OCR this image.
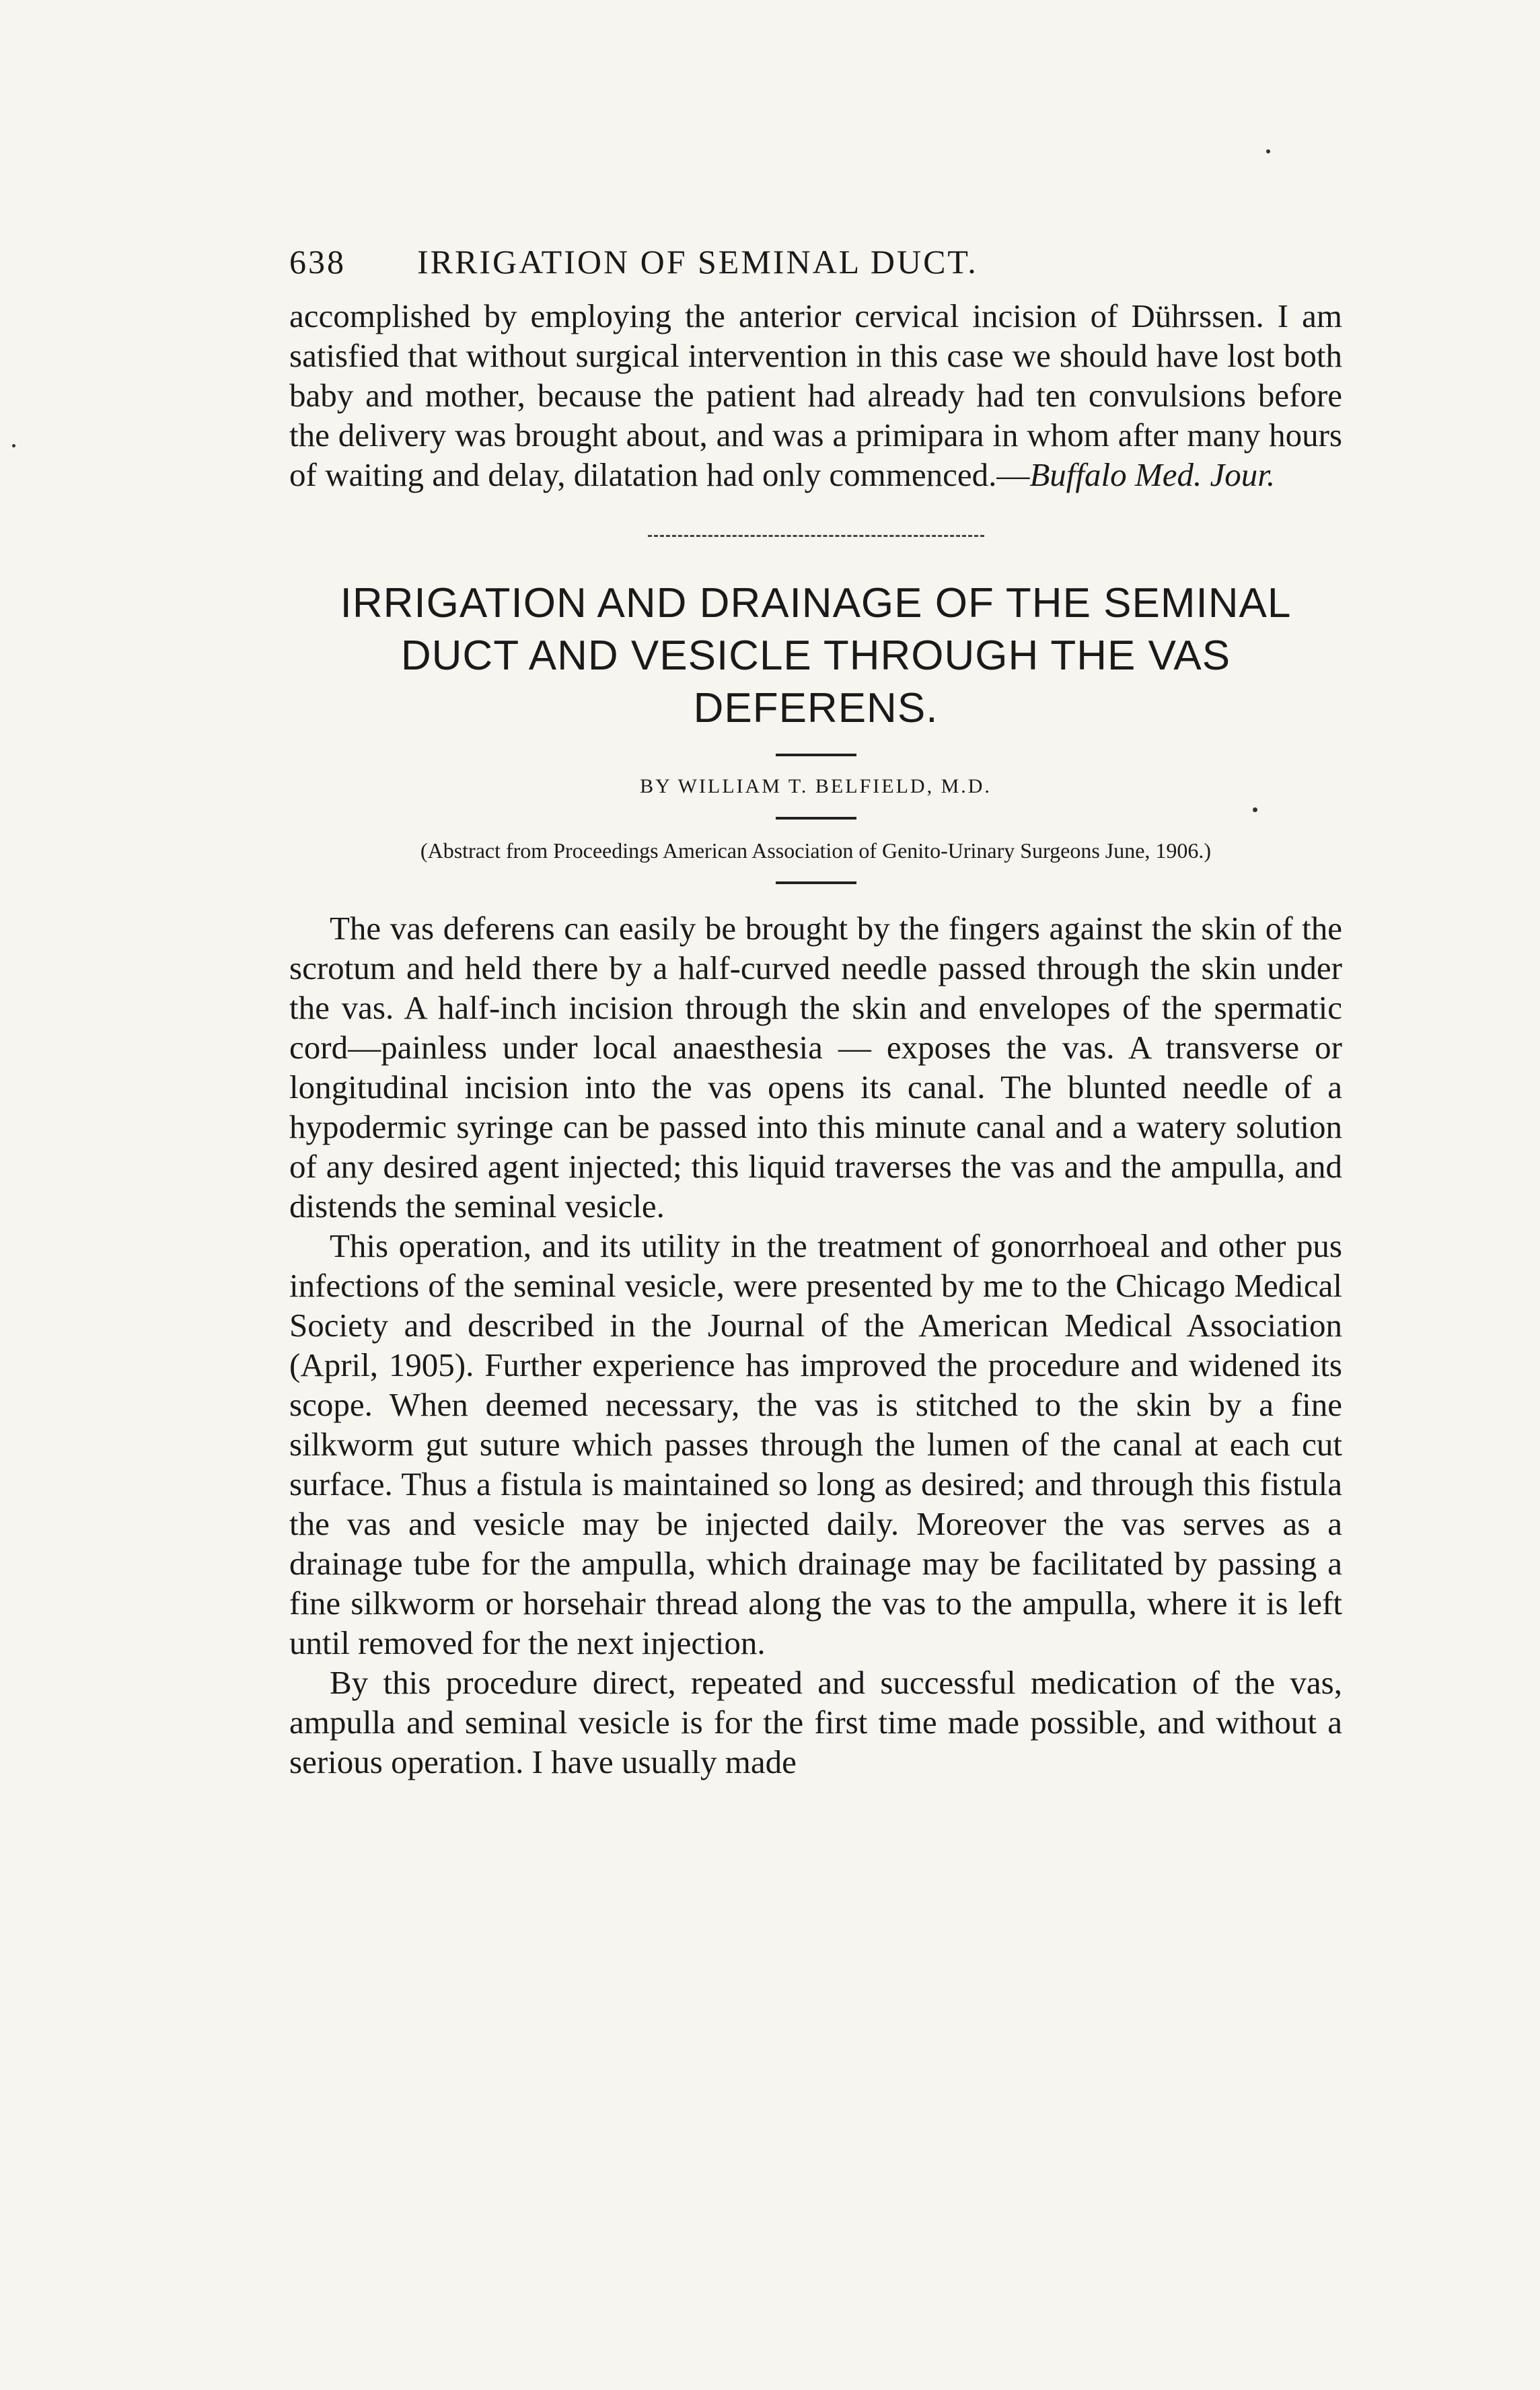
638 IRRIGATION OF SEMINAL DUCT.

accomplished by employing the anterior cervical incision of Dührssen. I am satisfied that without surgical intervention in this case we should have lost both baby and mother, because the patient had already had ten convulsions before the delivery was brought about, and was a primipara in whom after many hours of waiting and delay, dilatation had only commenced.—Buffalo Med. Jour.

IRRIGATION AND DRAINAGE OF THE SEMINAL DUCT AND VESICLE THROUGH THE VAS DEFERENS.
BY WILLIAM T. BELFIELD, M.D.
(Abstract from Proceedings American Association of Genito-Urinary Surgeons June, 1906.)

The vas deferens can easily be brought by the fingers against the skin of the scrotum and held there by a half-curved needle passed through the skin under the vas. A half-inch incision through the skin and envelopes of the spermatic cord—painless under local anaesthesia — exposes the vas. A transverse or longitudinal incision into the vas opens its canal. The blunted needle of a hypodermic syringe can be passed into this minute canal and a watery solution of any desired agent injected; this liquid traverses the vas and the ampulla, and distends the seminal vesicle.

This operation, and its utility in the treatment of gonorrhoeal and other pus infections of the seminal vesicle, were presented by me to the Chicago Medical Society and described in the Journal of the American Medical Association (April, 1905). Further experience has improved the procedure and widened its scope. When deemed necessary, the vas is stitched to the skin by a fine silkworm gut suture which passes through the lumen of the canal at each cut surface. Thus a fistula is maintained so long as desired; and through this fistula the vas and vesicle may be injected daily. Moreover the vas serves as a drainage tube for the ampulla, which drainage may be facilitated by passing a fine silkworm or horsehair thread along the vas to the ampulla, where it is left until removed for the next injection.

By this procedure direct, repeated and successful medication of the vas, ampulla and seminal vesicle is for the first time made possible, and without a serious operation. I have usually made
